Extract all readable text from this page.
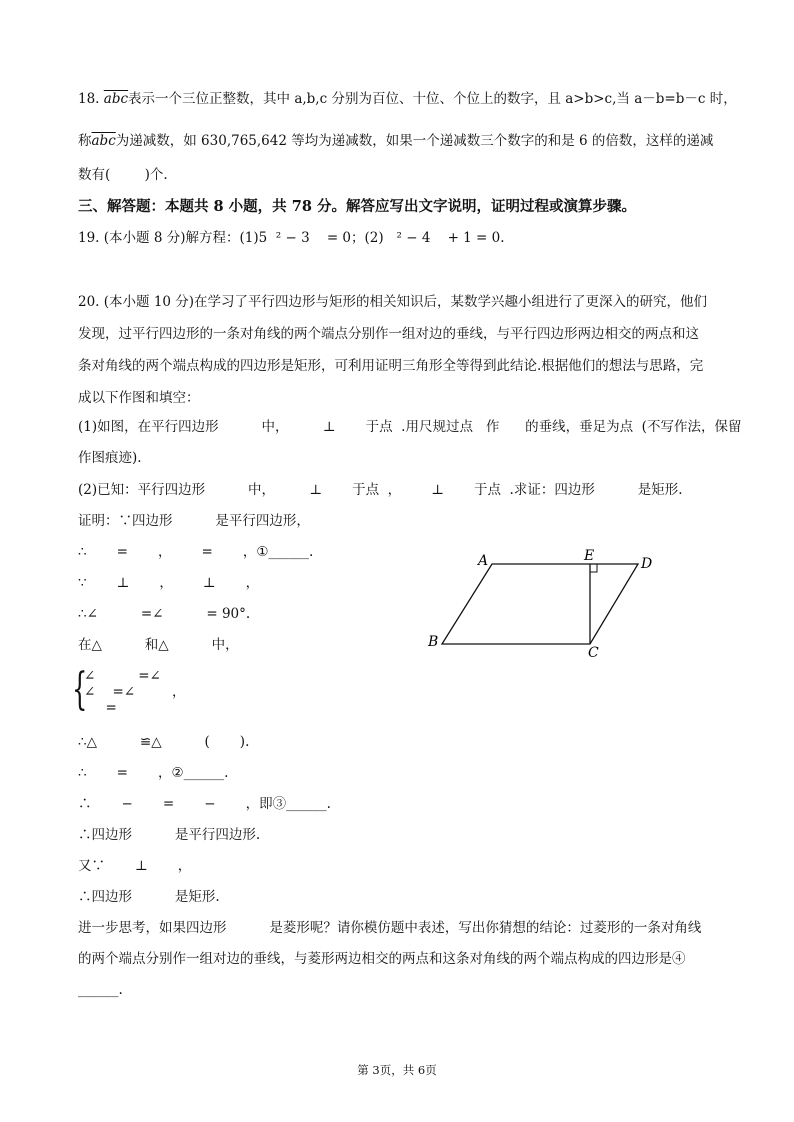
18. $\overline{abc}$表示一个三位正整数，其中 a,b,c 分别为百位、十位、个位上的数字，且 a>b>c,当 a－b=b－c 时，
称$\overline{abc}$为递减数，如 630,765,642 等均为递减数，如果一个递减数三个数字的和是 6 的倍数，这样的递减
数有(        )个.
三、解答题：本题共 8 小题，共 78 分。解答应写出文字说明，证明过程或演算步骤。
19. (本小题 8 分)解方程：(1)5  ² − 3    = 0；(2)   ² − 4    + 1 = 0.
20. (本小题 10 分)在学习了平行四边形与矩形的相关知识后，某数学兴趣小组进行了更深入的研究，他们
发现，过平行四边形的一条对角线的两个端点分别作一组对边的垂线，与平行四边形两边相交的两点和这
条对角线的两个端点构成的四边形是矩形，可利用证明三角形全等得到此结论.根据他们的想法与思路，完
成以下作图和填空：
(1)如图，在平行四边形          中，        ⊥       于点  .用尺规过点   作      的垂线，垂足为点  (不写作法，保留
作图痕迹).
(2)已知：平行四边形          中，        ⊥       于点  ，       ⊥       于点  .求证：四边形          是矩形.
证明：∵四边形          是平行四边形，
∴       =       ，       =       ，①______.
∵       ⊥       ，       ⊥       ，
∴∠          =∠          = 90°.
在△          和△          中，
{
∠          =∠
∠    =∠
=
，
∴△          ≌△          (       ).
∴       =       ，②______.
∴       −       =       −       ，即③______.
∴四边形          是平行四边形.
又∵       ⊥       ，
∴四边形          是矩形.
进一步思考，如果四边形          是菱形呢？请你模仿题中表述，写出你猜想的结论：过菱形的一条对角线
的两个端点分别作一组对边的垂线，与菱形两边相交的两点和这条对角线的两个端点构成的四边形是④
______.
A	E	D
B
C
第 3页，共 6页
